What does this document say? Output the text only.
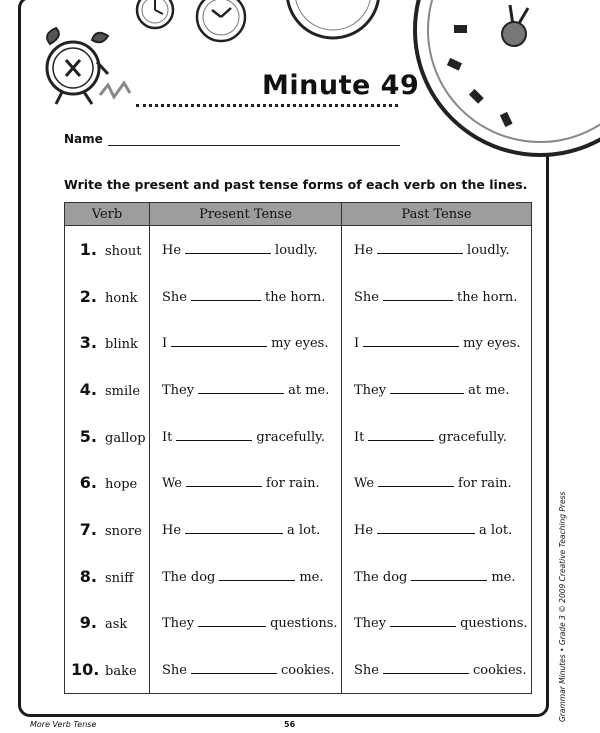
Minute 49
Name
Write the present and past tense forms of each verb on the lines.
Verb	Present Tense	Past Tense
1. shout	He loudly.	He loudly.
2. honk	She the horn.	She the horn.
3. blink	I my eyes.	I my eyes.
4. smile	They at me.	They at me.
5. gallop	It gracefully.	It gracefully.
6. hope	We for rain.	We for rain.
7. snore	He a lot.	He a lot.
8. sniff	The dog me.	The dog me.
9. ask	They questions.	They questions.
10. bake	She cookies.	She cookies.
More Verb Tense	56
Grammar Minutes • Grade 3 © 2009 Creative Teaching Press
